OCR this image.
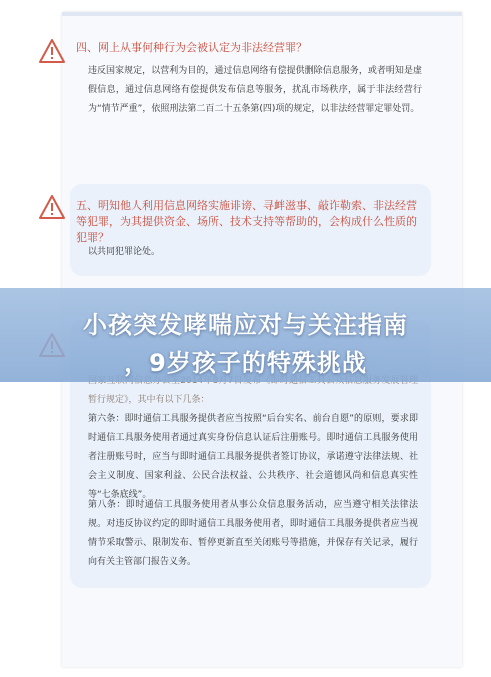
四、网上从事何种行为会被认定为非法经营罪？
违反国家规定，以营利为目的，通过信息网络有偿提供删除信息服务，或者明知是虚假信息，通过信息网络有偿提供发布信息等服务，扰乱市场秩序，属于非法经营行为“情节严重”，依照刑法第二百二十五条第(四)项的规定，以非法经营罪定罪处罚。
五、明知他人利用信息网络实施诽谤、寻衅滋事、敲诈勒索、非法经营等犯罪，为其提供资金、场所、技术支持等帮助的，会构成什么性质的犯罪？
以共同犯罪论处。
暂行规定》，其中有以下几条：
第六条：即时通信工具服务提供者应当按照“后台实名、前台自愿”的原则，要求即时通信工具服务使用者通过真实身份信息认证后注册账号。即时通信工具服务使用者注册账号时，应当与即时通信工具服务提供者签订协议，承诺遵守法律法规、社会主义制度、国家利益、公民合法权益、公共秩序、社会道德风尚和信息真实性等“七条底线”。
第八条：即时通信工具服务使用者从事公众信息服务活动，应当遵守相关法律法规。对违反协议约定的即时通信工具服务使用者，即时通信工具服务提供者应当视情节采取警示、限制发布、暂停更新直至关闭账号等措施，并保存有关记录，履行向有关主管部门报告义务。
小孩突发哮喘应对与关注指南
，9岁孩子的特殊挑战
